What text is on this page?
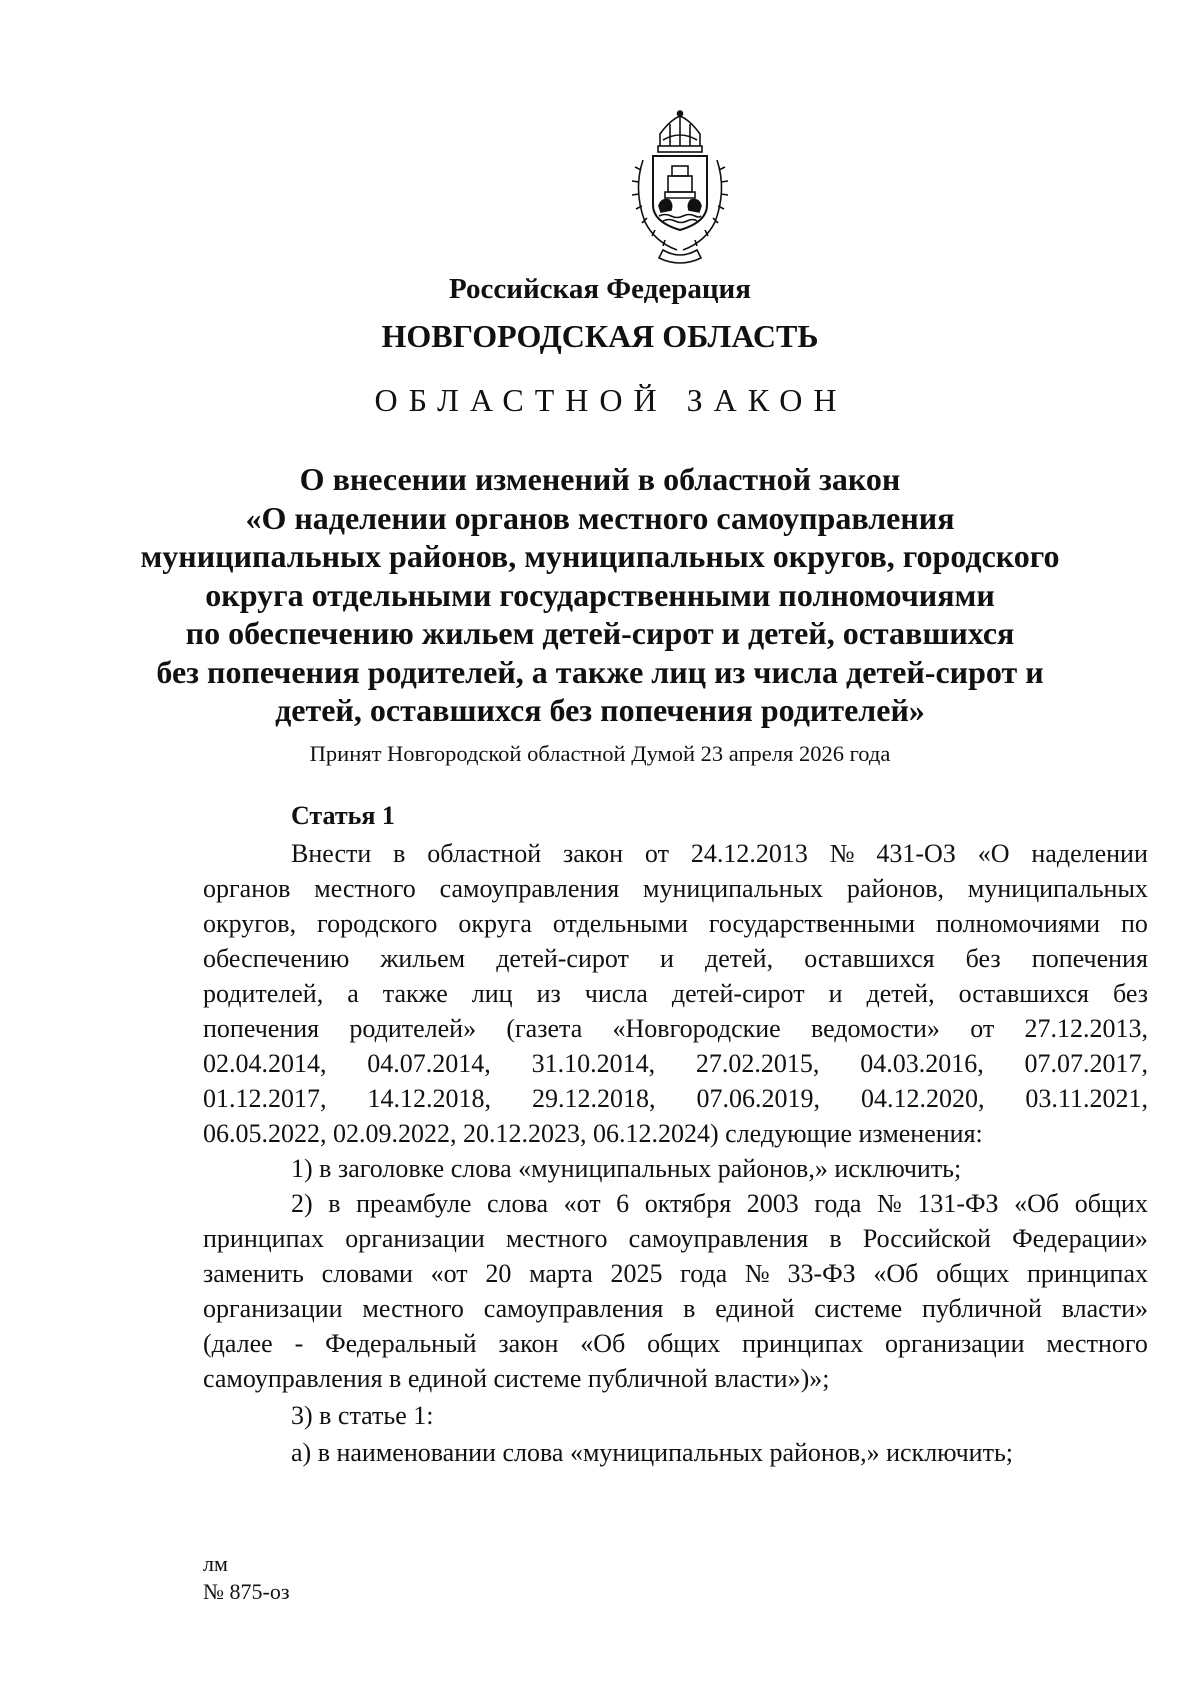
Российская Федерация
НОВГОРОДСКАЯ ОБЛАСТЬ
ОБЛАСТНОЙ ЗАКОН
О внесении изменений в областной закон
«О наделении органов местного самоуправления
муниципальных районов, муниципальных округов, городского
округа отдельными государственными полномочиями
по обеспечению жильем детей-сирот и детей, оставшихся
без попечения родителей, а также лиц из числа детей-сирот и
детей, оставшихся без попечения родителей»
Принят Новгородской областной Думой 23 апреля 2026 года
Статья 1
Внести в областной закон от 24.12.2013 № 431-ОЗ «О наделении
органов местного самоуправления муниципальных районов, муниципальных
округов, городского округа отдельными государственными полномочиями по
обеспечению жильем детей-сирот и детей, оставшихся без попечения
родителей, а также лиц из числа детей-сирот и детей, оставшихся без
попечения родителей» (газета «Новгородские ведомости» от 27.12.2013,
02.04.2014, 04.07.2014, 31.10.2014, 27.02.2015, 04.03.2016, 07.07.2017,
01.12.2017, 14.12.2018, 29.12.2018, 07.06.2019, 04.12.2020, 03.11.2021,
06.05.2022, 02.09.2022, 20.12.2023, 06.12.2024) следующие изменения:
1) в заголовке слова «муниципальных районов,» исключить;
2) в преамбуле слова «от 6 октября 2003 года № 131-ФЗ «Об общих
принципах организации местного самоуправления в Российской Федерации»
заменить словами «от 20 марта 2025 года № 33-ФЗ «Об общих принципах
организации местного самоуправления в единой системе публичной власти»
(далее - Федеральный закон «Об общих принципах организации местного
самоуправления в единой системе публичной власти»)»;
3) в статье 1:
а) в наименовании слова «муниципальных районов,» исключить;
лм
№ 875-оз
